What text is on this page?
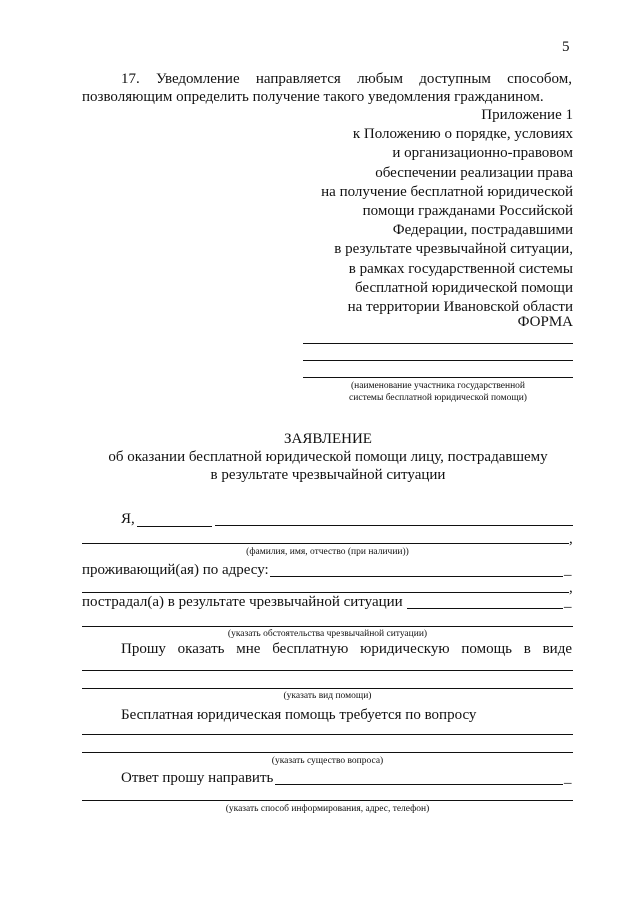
5
17. Уведомление направляется любым доступным способом,
позволяющим определить получение такого уведомления гражданином.
Приложение 1
к Положению о порядке, условиях
и организационно-правовом
обеспечении реализации права
на получение бесплатной юридической
помощи гражданами Российской
Федерации, пострадавшими
в результате чрезвычайной ситуации,
в рамках государственной системы
бесплатной юридической помощи
на территории Ивановской области
ФОРМА
(наименование участника государственной
системы бесплатной юридической помощи)
ЗАЯВЛЕНИЕ
об оказании бесплатной юридической помощи лицу, пострадавшему
в результате чрезвычайной ситуации
Я,
,
(фамилия, имя, отчество (при наличии))
проживающий(ая) по адресу:	_
,
пострадал(а) в результате чрезвычайной ситуации	_
(указать обстоятельства чрезвычайной ситуации)
Прошу оказать мне бесплатную юридическую помощь в виде
(указать вид помощи)
Бесплатная юридическая помощь требуется по вопросу
(указать существо вопроса)
Ответ прошу направить	_
(указать способ информирования, адрес, телефон)
